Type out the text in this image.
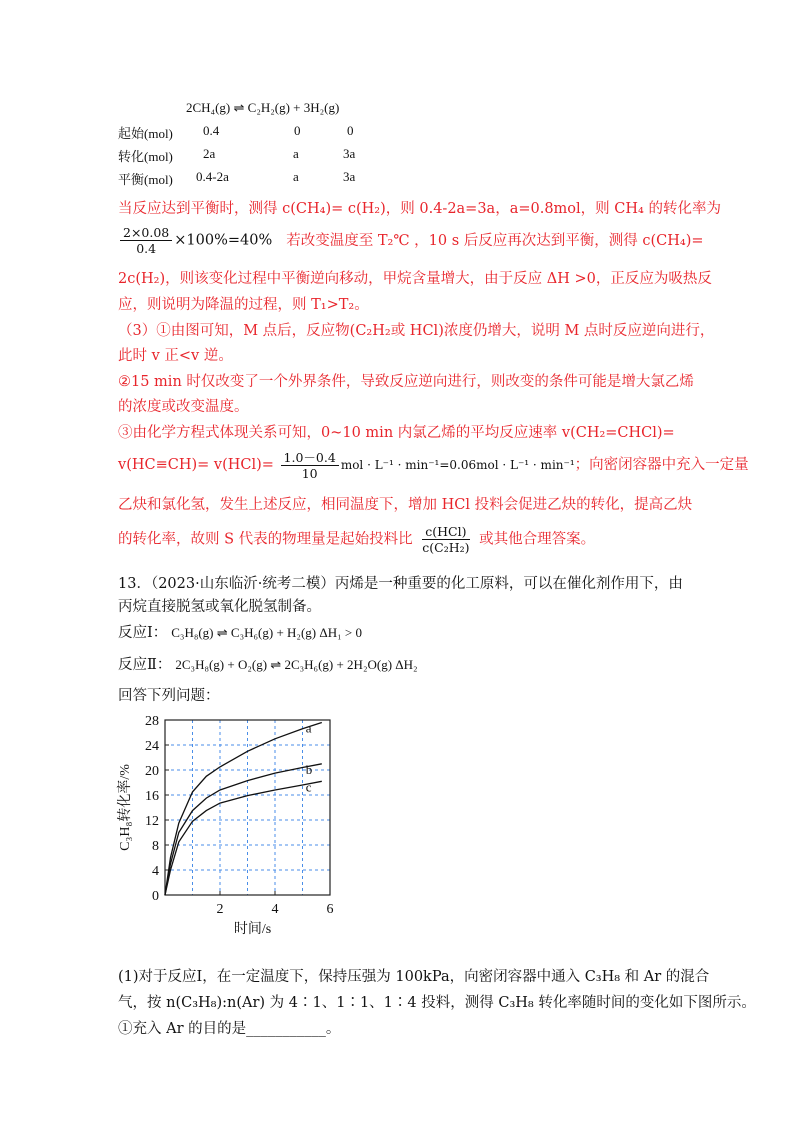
2CH₄(g) ⇌ C₂H₂(g) + 3H₂(g)
起始(mol) 0.4	0	0
转化(mol) 2a	a	3a
平衡(mol) 0.4-2a	a	3a
当反应达到平衡时，测得 c(CH₄)= c(H₂)，则 0.4-2a=3a，a=0.8mol，则 CH₄ 的转化率为
$\frac{2\times 0.08}{0.4} \times 100\%=40\%$ 若改变温度至 T₂℃ ，10 s 后反应再次达到平衡，测得 c(CH₄)=
2c(H₂)，则该变化过程中平衡逆向移动，甲烷含量增大，由于反应 ΔH >0，正反应为吸热反
应，则说明为降温的过程，则 T₁>T₂。
（3）①由图可知，M 点后，反应物(C₂H₂或 HCl)浓度仍增大，说明 M 点时反应逆向进行，
此时 v 正<v 逆。
②15 min 时仅改变了一个外界条件，导致反应逆向进行，则改变的条件可能是增大氯乙烯
的浓度或改变温度。
③由化学方程式体现关系可知，0~10 min 内氯乙烯的平均反应速率 v(CH₂=CHCl)=
$v(HC\equiv CH)= v(HCl)= \frac{1.0-0.4}{10}$ mol · L⁻¹ · min⁻¹=0.06mol · L⁻¹ · min⁻¹；向密闭容器中充入一定量
乙炔和氯化氢，发生上述反应，相同温度下，增加 HCl 投料会促进乙炔的转化，提高乙炔
的转化率，故则 S 代表的物理量是起始投料比 $\frac{\text{c(HCl)}}{\text{c(C₂H₂)}}$ 或其他合理答案。
13．（2023·山东临沂·统考二模）丙烯是一种重要的化工原料，可以在催化剂作用下，由
丙烷直接脱氢或氧化脱氢制备。
反应Ⅰ： C₃H₈(g) ⇌ C₃H₆(g) + H₂(g) ΔH₁ > 0
反应Ⅱ： 2C₃H₈(g) + O₂(g) ⇌ 2C₃H₆(g) + 2H₂O(g) ΔH₂
回答下列问题：
0
4
8
12
16
20
24
28
2	4	6
a
b
c
C₃H₈转化率/%
时间/s
(1)对于反应Ⅰ，在一定温度下，保持压强为 100kPa，向密闭容器中通入 C₃H₈ 和 Ar 的混合
气，按 n(C₃H₈):n(Ar) 为 4∶1、1∶1、1∶4 投料，测得 C₃H₈ 转化率随时间的变化如下图所示。
①充入 Ar 的目的是___________。
